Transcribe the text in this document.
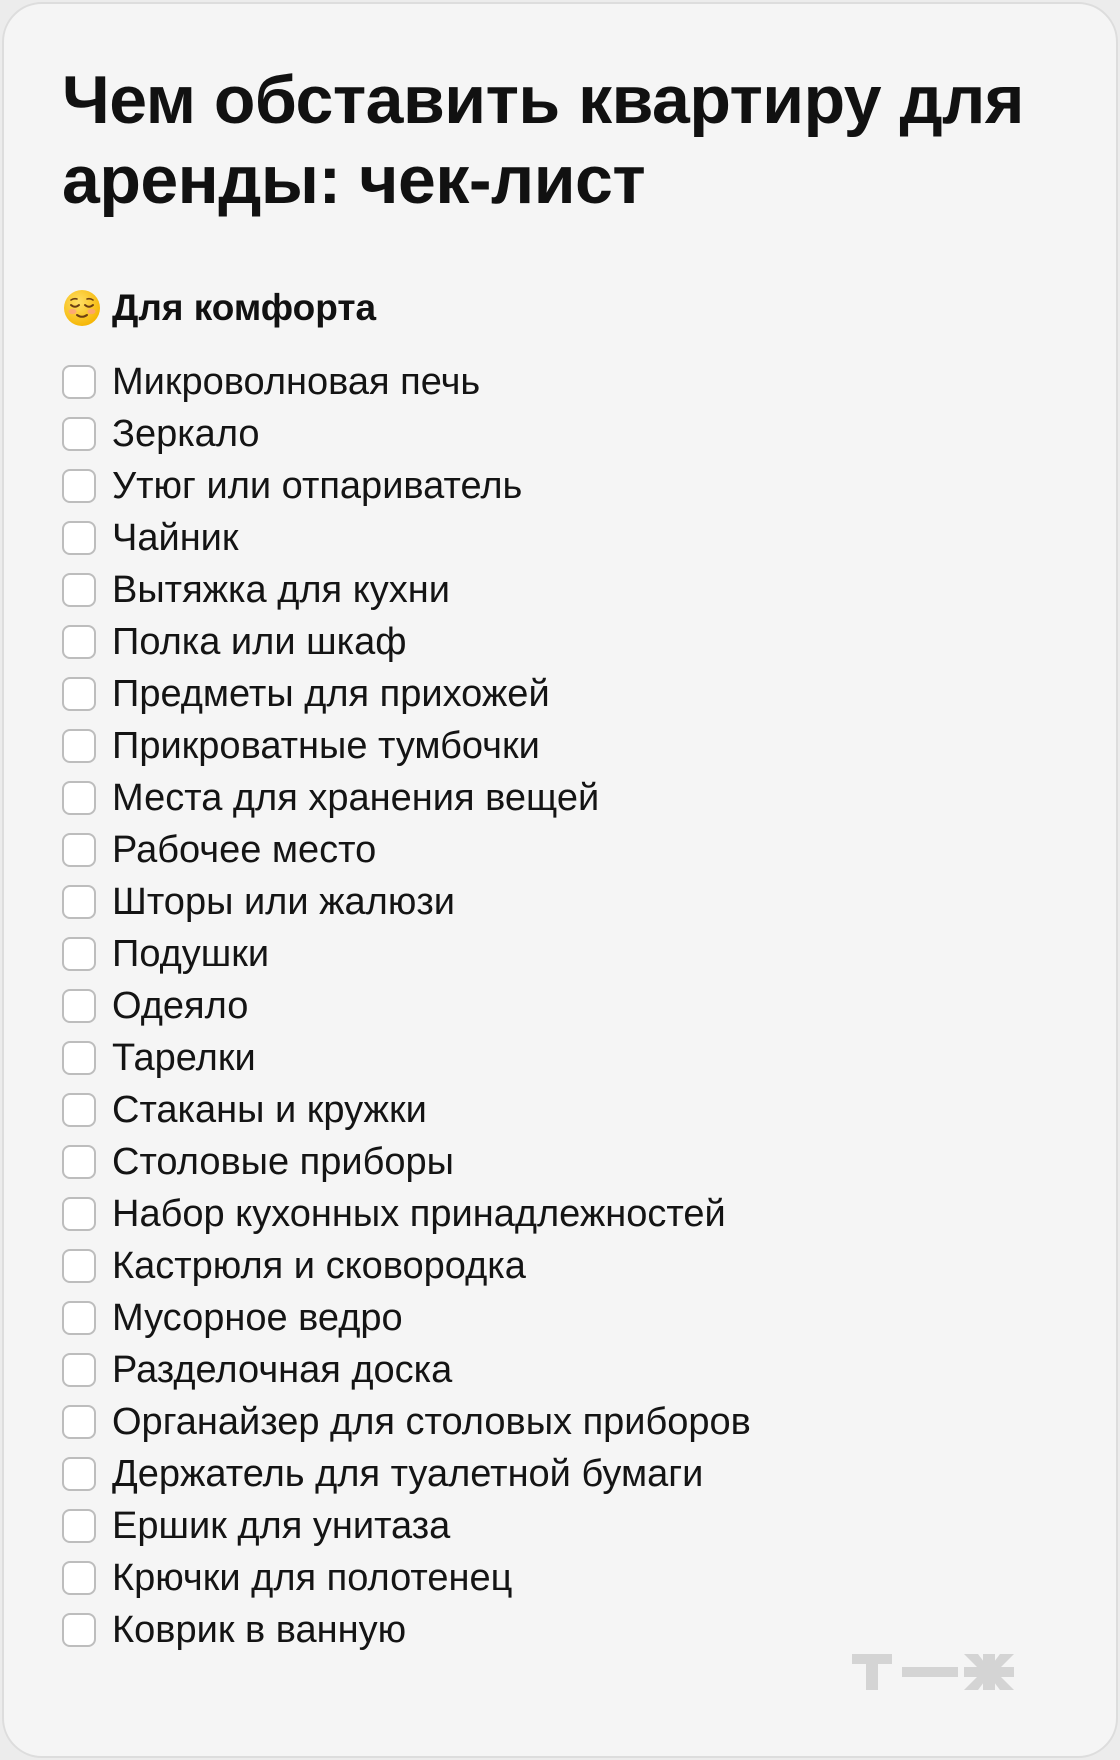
Чем обставить квартиру для аренды: чек-лист
Для комфорта
Микроволновая печь
Зеркало
Утюг или отпариватель
Чайник
Вытяжка для кухни
Полка или шкаф
Предметы для прихожей
Прикроватные тумбочки
Места для хранения вещей
Рабочее место
Шторы или жалюзи
Подушки
Одеяло
Тарелки
Стаканы и кружки
Столовые приборы
Набор кухонных принадлежностей
Кастрюля и сковородка
Мусорное ведро
Разделочная доска
Органайзер для столовых приборов
Держатель для туалетной бумаги
Ершик для унитаза
Крючки для полотенец
Коврик в ванную
